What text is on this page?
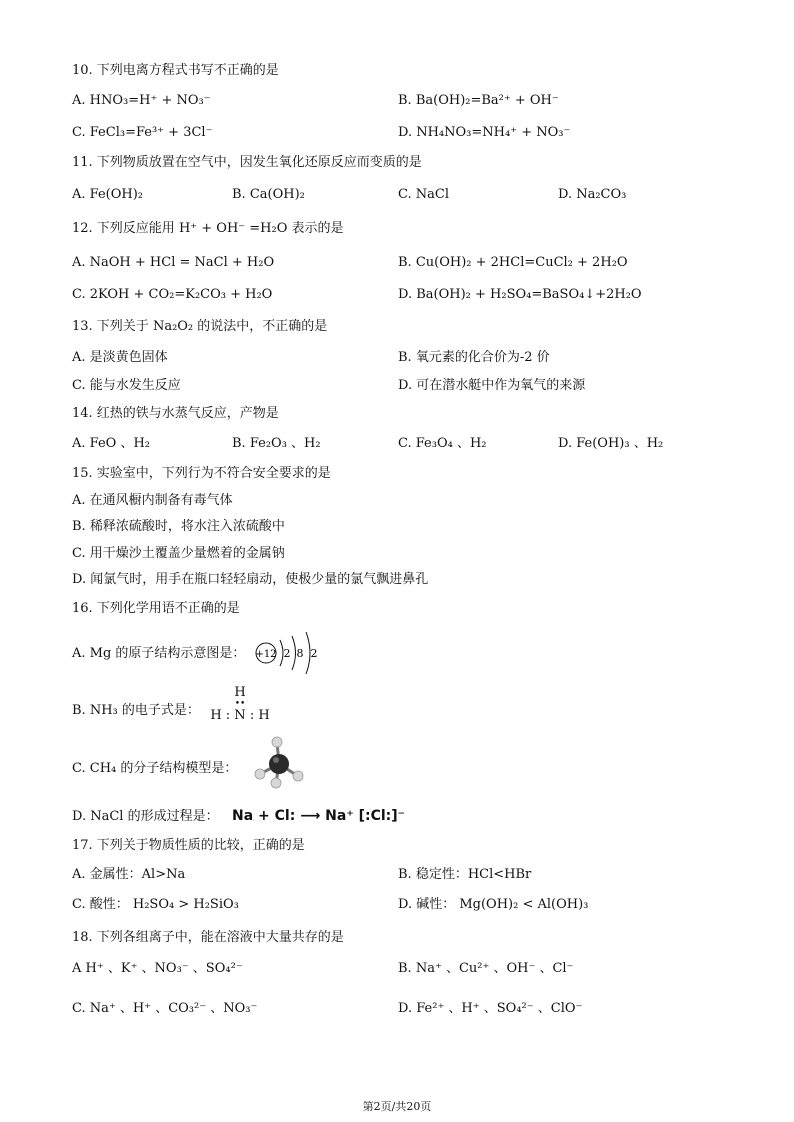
10. 下列电离方程式书写不正确的是
A. HNO₃=H⁺ + NO₃⁻	B. Ba(OH)₂=Ba²⁺ + OH⁻
C. FeCl₃=Fe³⁺ + 3Cl⁻	D. NH₄NO₃=NH₄⁺ + NO₃⁻
11. 下列物质放置在空气中，因发生氧化还原反应而变质的是
A. Fe(OH)₂	B. Ca(OH)₂	C. NaCl	D. Na₂CO₃
12. 下列反应能用 H⁺ + OH⁻ =H₂O 表示的是
A. NaOH + HCl = NaCl + H₂O	B. Cu(OH)₂ + 2HCl=CuCl₂ + 2H₂O
C. 2KOH + CO₂=K₂CO₃ + H₂O	D. Ba(OH)₂ + H₂SO₄=BaSO₄↓+2H₂O
13. 下列关于 Na₂O₂ 的说法中，不正确的是
A. 是淡黄色固体	B. 氧元素的化合价为-2 价
C. 能与水发生反应	D. 可在潜水艇中作为氧气的来源
14. 红热的铁与水蒸气反应，产物是
A. FeO 、H₂	B. Fe₂O₃ 、H₂	C. Fe₃O₄ 、H₂	D. Fe(OH)₃ 、H₂
15. 实验室中，下列行为不符合安全要求的是
A. 在通风橱内制备有毒气体
B. 稀释浓硫酸时，将水注入浓硫酸中
C. 用干燥沙土覆盖少量燃着的金属钠
D. 闻氯气时，用手在瓶口轻轻扇动，使极少量的氯气飘进鼻孔
16. 下列化学用语不正确的是
A. Mg 的原子结构示意图是： +12 2 8 2
B. NH₃ 的电子式是：
H
••
H : N : H
C. CH₄ 的分子结构模型是：
D. NaCl 的形成过程是： Na + Cl: ⟶ Na⁺ [:Cl:]⁻
17. 下列关于物质性质的比较，正确的是
A. 金属性：Al>Na	B. 稳定性：HCl<HBr
C. 酸性： H₂SO₄ > H₂SiO₃	D. 碱性： Mg(OH)₂ < Al(OH)₃
18. 下列各组离子中，能在溶液中大量共存的是
A H⁺ 、K⁺ 、NO₃⁻ 、SO₄²⁻	B. Na⁺ 、Cu²⁺ 、OH⁻ 、Cl⁻
C. Na⁺ 、H⁺ 、CO₃²⁻ 、NO₃⁻	D. Fe²⁺ 、H⁺ 、SO₄²⁻ 、ClO⁻
第2页/共20页
